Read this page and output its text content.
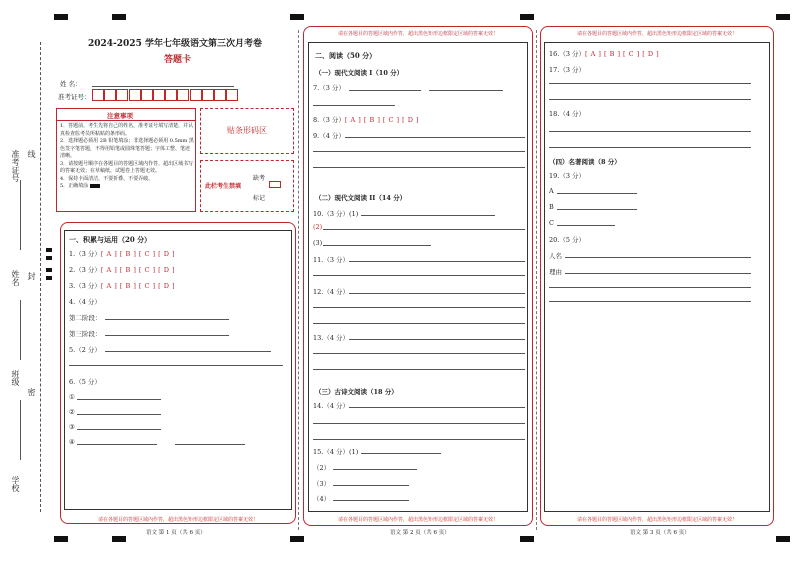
准考证号 线
姓名 封
班级
密
学校
2024-2025 学年七年级语文第三次月考卷
答题卡
姓 名：
准考证号：
注意事项
1．答题前，考生先将自己的姓名，准考证号填写清楚，并认真检查监考员所粘贴的条形码。
2．选择题必须用 2B 铅笔填涂；非选择题必须用 0.5mm 黑色签字笔答题，不得用铅笔或圆珠笔答题；字体工整、笔迹清晰。
3．请按题号顺序在各题目的答题区域内作答，超出区域书写的答案无效；在草稿纸、试题卷上答题无效。
4．保持卡面清洁，不要折叠、不要弄破。
5．正确填涂
贴条形码区
此栏考生禁填
缺考
标记
一、积累与运用（20 分）
1.（3 分）[ A ] [ B ] [ C ] [ D ]
2.（3 分）[ A ] [ B ] [ C ] [ D ]
3.（3 分）[ A ] [ B ] [ C ] [ D ]
4.（4 分）
第二阶段：
第三阶段：
5.（2 分）
6.（5 分）
①
②
③
④
请在各题目的答题区域内作答，超出黑色矩形边框限定区域的答案无效！
语文 第 1 页（共 6 页）
请在各题目的答题区域内作答，超出黑色矩形边框限定区域的答案无效！
二、阅读（50 分）
（一）现代文阅读 I（10 分）
7.（3 分）
8.（3 分）[ A ] [ B ] [ C ] [ D ]
9.（4 分）
（二）现代文阅读 II（14 分）
10.（3 分）(1)
(2)
(3)
11.（3 分）
12.（4 分）
13.（4 分）
（三）古诗文阅读（18 分）
14.（4 分）
15.（4 分）(1)
（2）
（3）
（4）
请在各题目的答题区域内作答，超出黑色矩形边框限定区域的答案无效！
语文 第 2 页（共 6 页）
请在各题目的答题区域内作答，超出黑色矩形边框限定区域的答案无效！
16.（3 分）[ A ] [ B ] [ C ] [ D ]
17.（3 分）
18.（4 分）
（四）名著阅读（8 分）
19.（3 分）
A
B
C
20.（5 分）
人名
理由
请在各题目的答题区域内作答，超出黑色矩形边框限定区域的答案无效！
语文 第 3 页（共 6 页）
